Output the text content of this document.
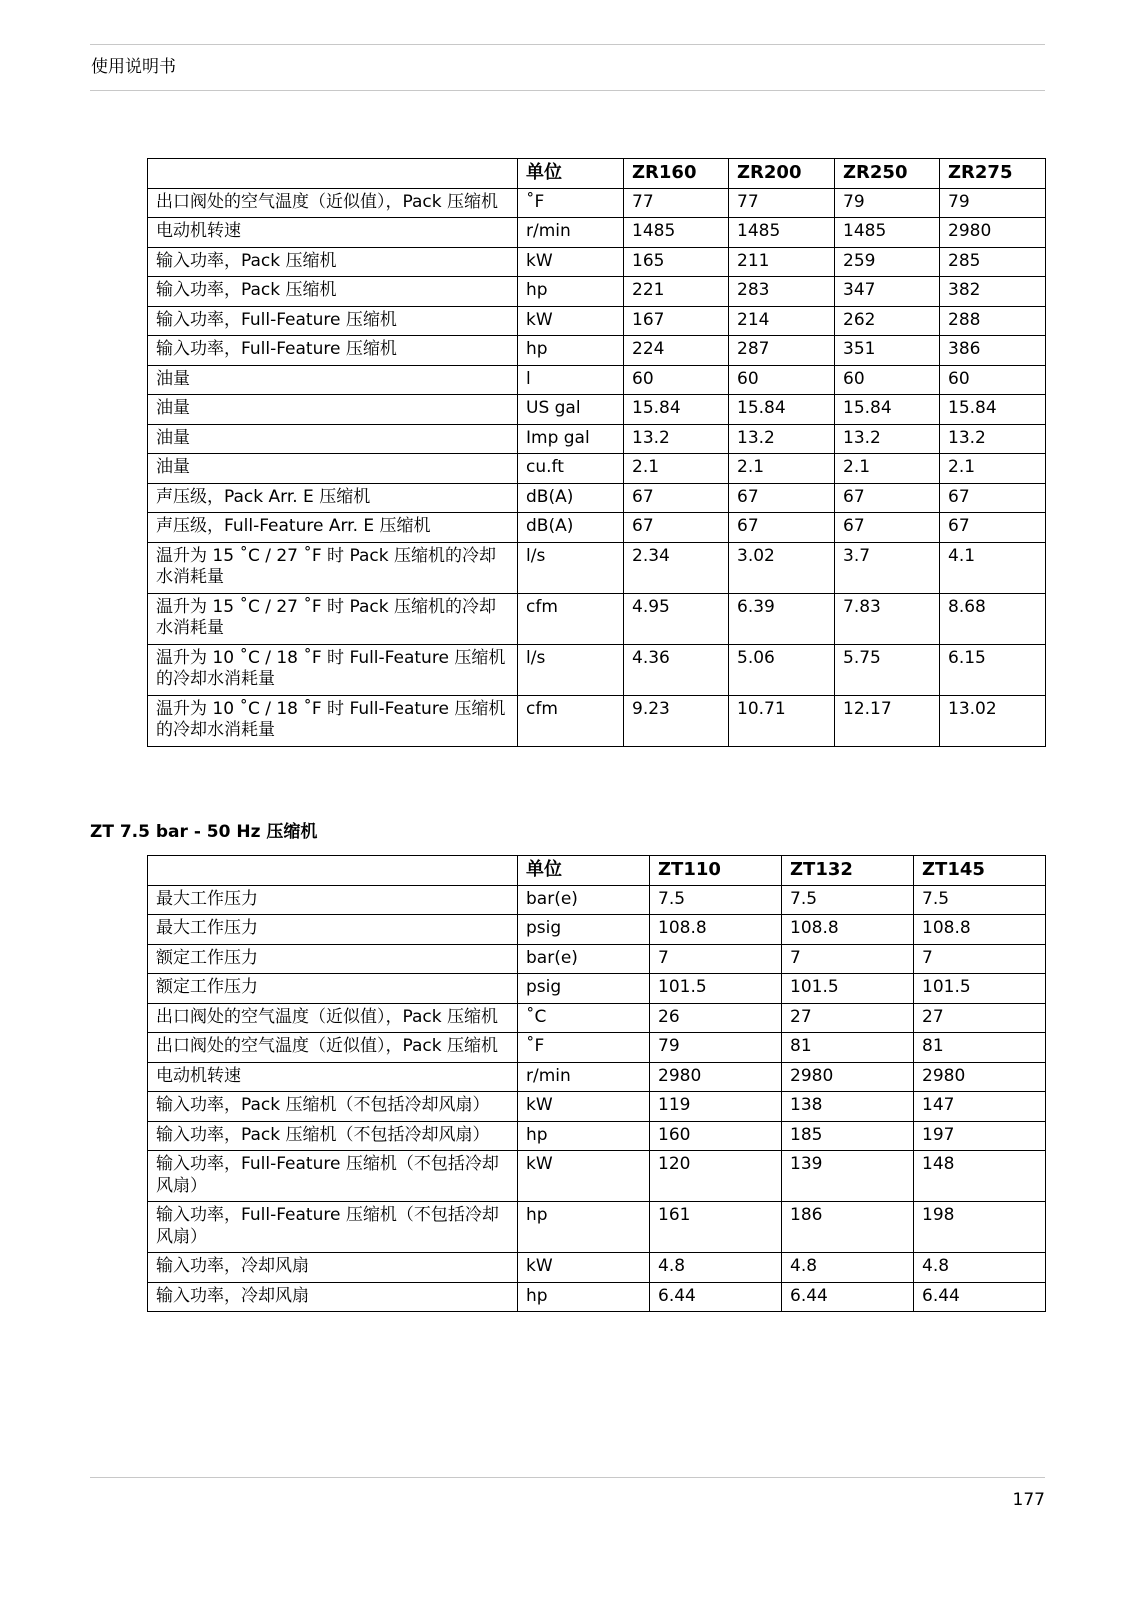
使用说明书
	单位	ZR160	ZR200	ZR250	ZR275
出口阀处的空气温度（近似值），Pack 压缩机	˚F	77	77	79	79
电动机转速	r/min	1485	1485	1485	2980
输入功率，Pack 压缩机	kW	165	211	259	285
输入功率，Pack 压缩机	hp	221	283	347	382
输入功率，Full-Feature 压缩机	kW	167	214	262	288
输入功率，Full-Feature 压缩机	hp	224	287	351	386
油量	l	60	60	60	60
油量	US gal	15.84	15.84	15.84	15.84
油量	Imp gal	13.2	13.2	13.2	13.2
油量	cu.ft	2.1	2.1	2.1	2.1
声压级，Pack Arr. E 压缩机	dB(A)	67	67	67	67
声压级，Full-Feature Arr. E 压缩机	dB(A)	67	67	67	67
温升为 15 ˚C / 27 ˚F 时 Pack 压缩机的冷却水消耗量	l/s	2.34	3.02	3.7	4.1
温升为 15 ˚C / 27 ˚F 时 Pack 压缩机的冷却水消耗量	cfm	4.95	6.39	7.83	8.68
温升为 10 ˚C / 18 ˚F 时 Full-Feature 压缩机的冷却水消耗量	l/s	4.36	5.06	5.75	6.15
温升为 10 ˚C / 18 ˚F 时 Full-Feature 压缩机的冷却水消耗量	cfm	9.23	10.71	12.17	13.02
ZT 7.5 bar - 50 Hz 压缩机
	单位	ZT110	ZT132	ZT145
最大工作压力	bar(e)	7.5	7.5	7.5
最大工作压力	psig	108.8	108.8	108.8
额定工作压力	bar(e)	7	7	7
额定工作压力	psig	101.5	101.5	101.5
出口阀处的空气温度（近似值），Pack 压缩机	˚C	26	27	27
出口阀处的空气温度（近似值），Pack 压缩机	˚F	79	81	81
电动机转速	r/min	2980	2980	2980
输入功率，Pack 压缩机（不包括冷却风扇）	kW	119	138	147
输入功率，Pack 压缩机（不包括冷却风扇）	hp	160	185	197
输入功率，Full-Feature 压缩机（不包括冷却风扇）	kW	120	139	148
输入功率，Full-Feature 压缩机（不包括冷却风扇）	hp	161	186	198
输入功率，冷却风扇	kW	4.8	4.8	4.8
输入功率，冷却风扇	hp	6.44	6.44	6.44
177
